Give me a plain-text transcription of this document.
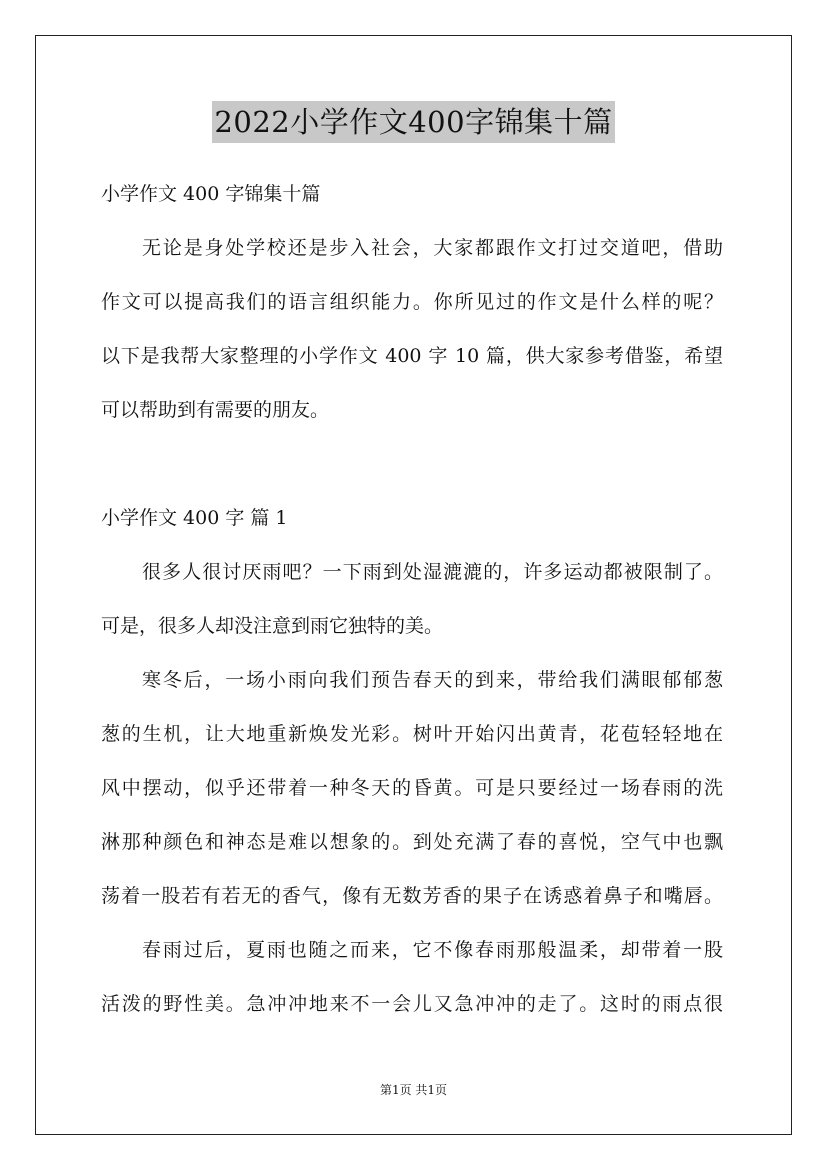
2022小学作文400字锦集十篇
小学作文 400 字锦集十篇
无论是身处学校还是步入社会，大家都跟作文打过交道吧，借助
作文可以提高我们的语言组织能力。你所见过的作文是什么样的呢？
以下是我帮大家整理的小学作文 400 字 10 篇，供大家参考借鉴，希望
可以帮助到有需要的朋友。
小学作文 400 字 篇 1
很多人很讨厌雨吧？一下雨到处湿漉漉的，许多运动都被限制了。
可是，很多人却没注意到雨它独特的美。
寒冬后，一场小雨向我们预告春天的到来，带给我们满眼郁郁葱
葱的生机，让大地重新焕发光彩。树叶开始闪出黄青，花苞轻轻地在
风中摆动，似乎还带着一种冬天的昏黄。可是只要经过一场春雨的洗
淋那种颜色和神态是难以想象的。到处充满了春的喜悦，空气中也飘
荡着一股若有若无的香气，像有无数芳香的果子在诱惑着鼻子和嘴唇。
春雨过后，夏雨也随之而来，它不像春雨那般温柔，却带着一股
活泼的野性美。急冲冲地来不一会儿又急冲冲的走了。这时的雨点很
第1页 共1页
